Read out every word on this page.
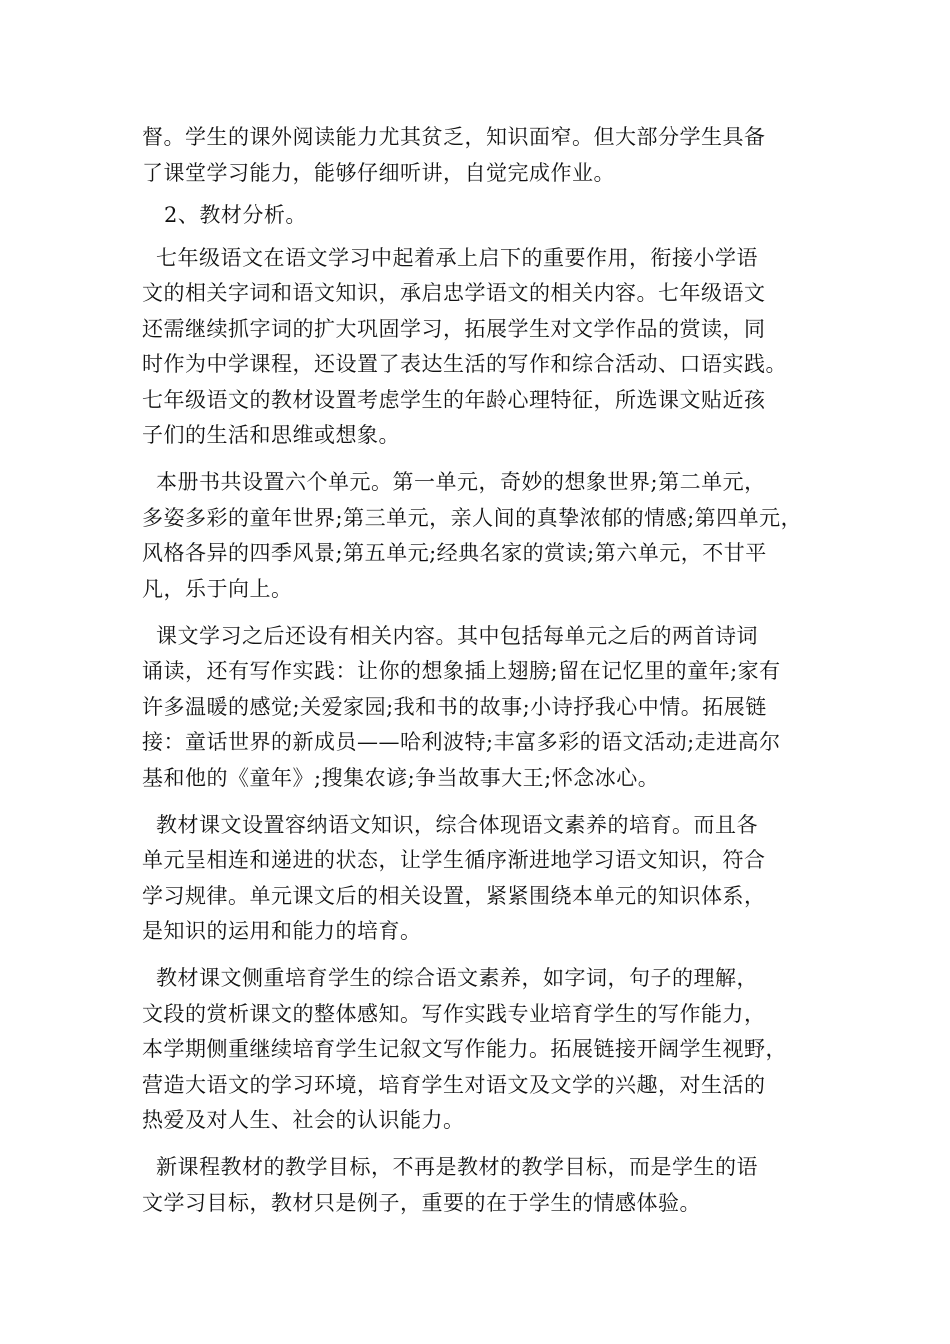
督。学生的课外阅读能力尤其贫乏，知识面窄。但大部分学生具备
了课堂学习能力，能够仔细听讲，自觉完成作业。

2、教材分析。

七年级语文在语文学习中起着承上启下的重要作用，衔接小学语
文的相关字词和语文知识，承启忠学语文的相关内容。七年级语文
还需继续抓字词的扩大巩固学习，拓展学生对文学作品的赏读，同
时作为中学课程，还设置了表达生活的写作和综合活动、口语实践。
七年级语文的教材设置考虑学生的年龄心理特征，所选课文贴近孩
子们的生活和思维或想象。

本册书共设置六个单元。第一单元，奇妙的想象世界;第二单元，
多姿多彩的童年世界;第三单元，亲人间的真挚浓郁的情感;第四单元，
风格各异的四季风景;第五单元;经典名家的赏读;第六单元，不甘平
凡，乐于向上。

课文学习之后还设有相关内容。其中包括每单元之后的两首诗词
诵读，还有写作实践：让你的想象插上翅膀;留在记忆里的童年;家有
许多温暖的感觉;关爱家园;我和书的故事;小诗抒我心中情。拓展链
接：童话世界的新成员——哈利波特;丰富多彩的语文活动;走进高尔
基和他的《童年》;搜集农谚;争当故事大王;怀念冰心。

教材课文设置容纳语文知识，综合体现语文素养的培育。而且各
单元呈相连和递进的状态，让学生循序渐进地学习语文知识，符合
学习规律。单元课文后的相关设置，紧紧围绕本单元的知识体系，
是知识的运用和能力的培育。

教材课文侧重培育学生的综合语文素养，如字词，句子的理解，
文段的赏析课文的整体感知。写作实践专业培育学生的写作能力，
本学期侧重继续培育学生记叙文写作能力。拓展链接开阔学生视野，
营造大语文的学习环境，培育学生对语文及文学的兴趣，对生活的
热爱及对人生、社会的认识能力。

新课程教材的教学目标，不再是教材的教学目标，而是学生的语
文学习目标，教材只是例子，重要的在于学生的情感体验。
